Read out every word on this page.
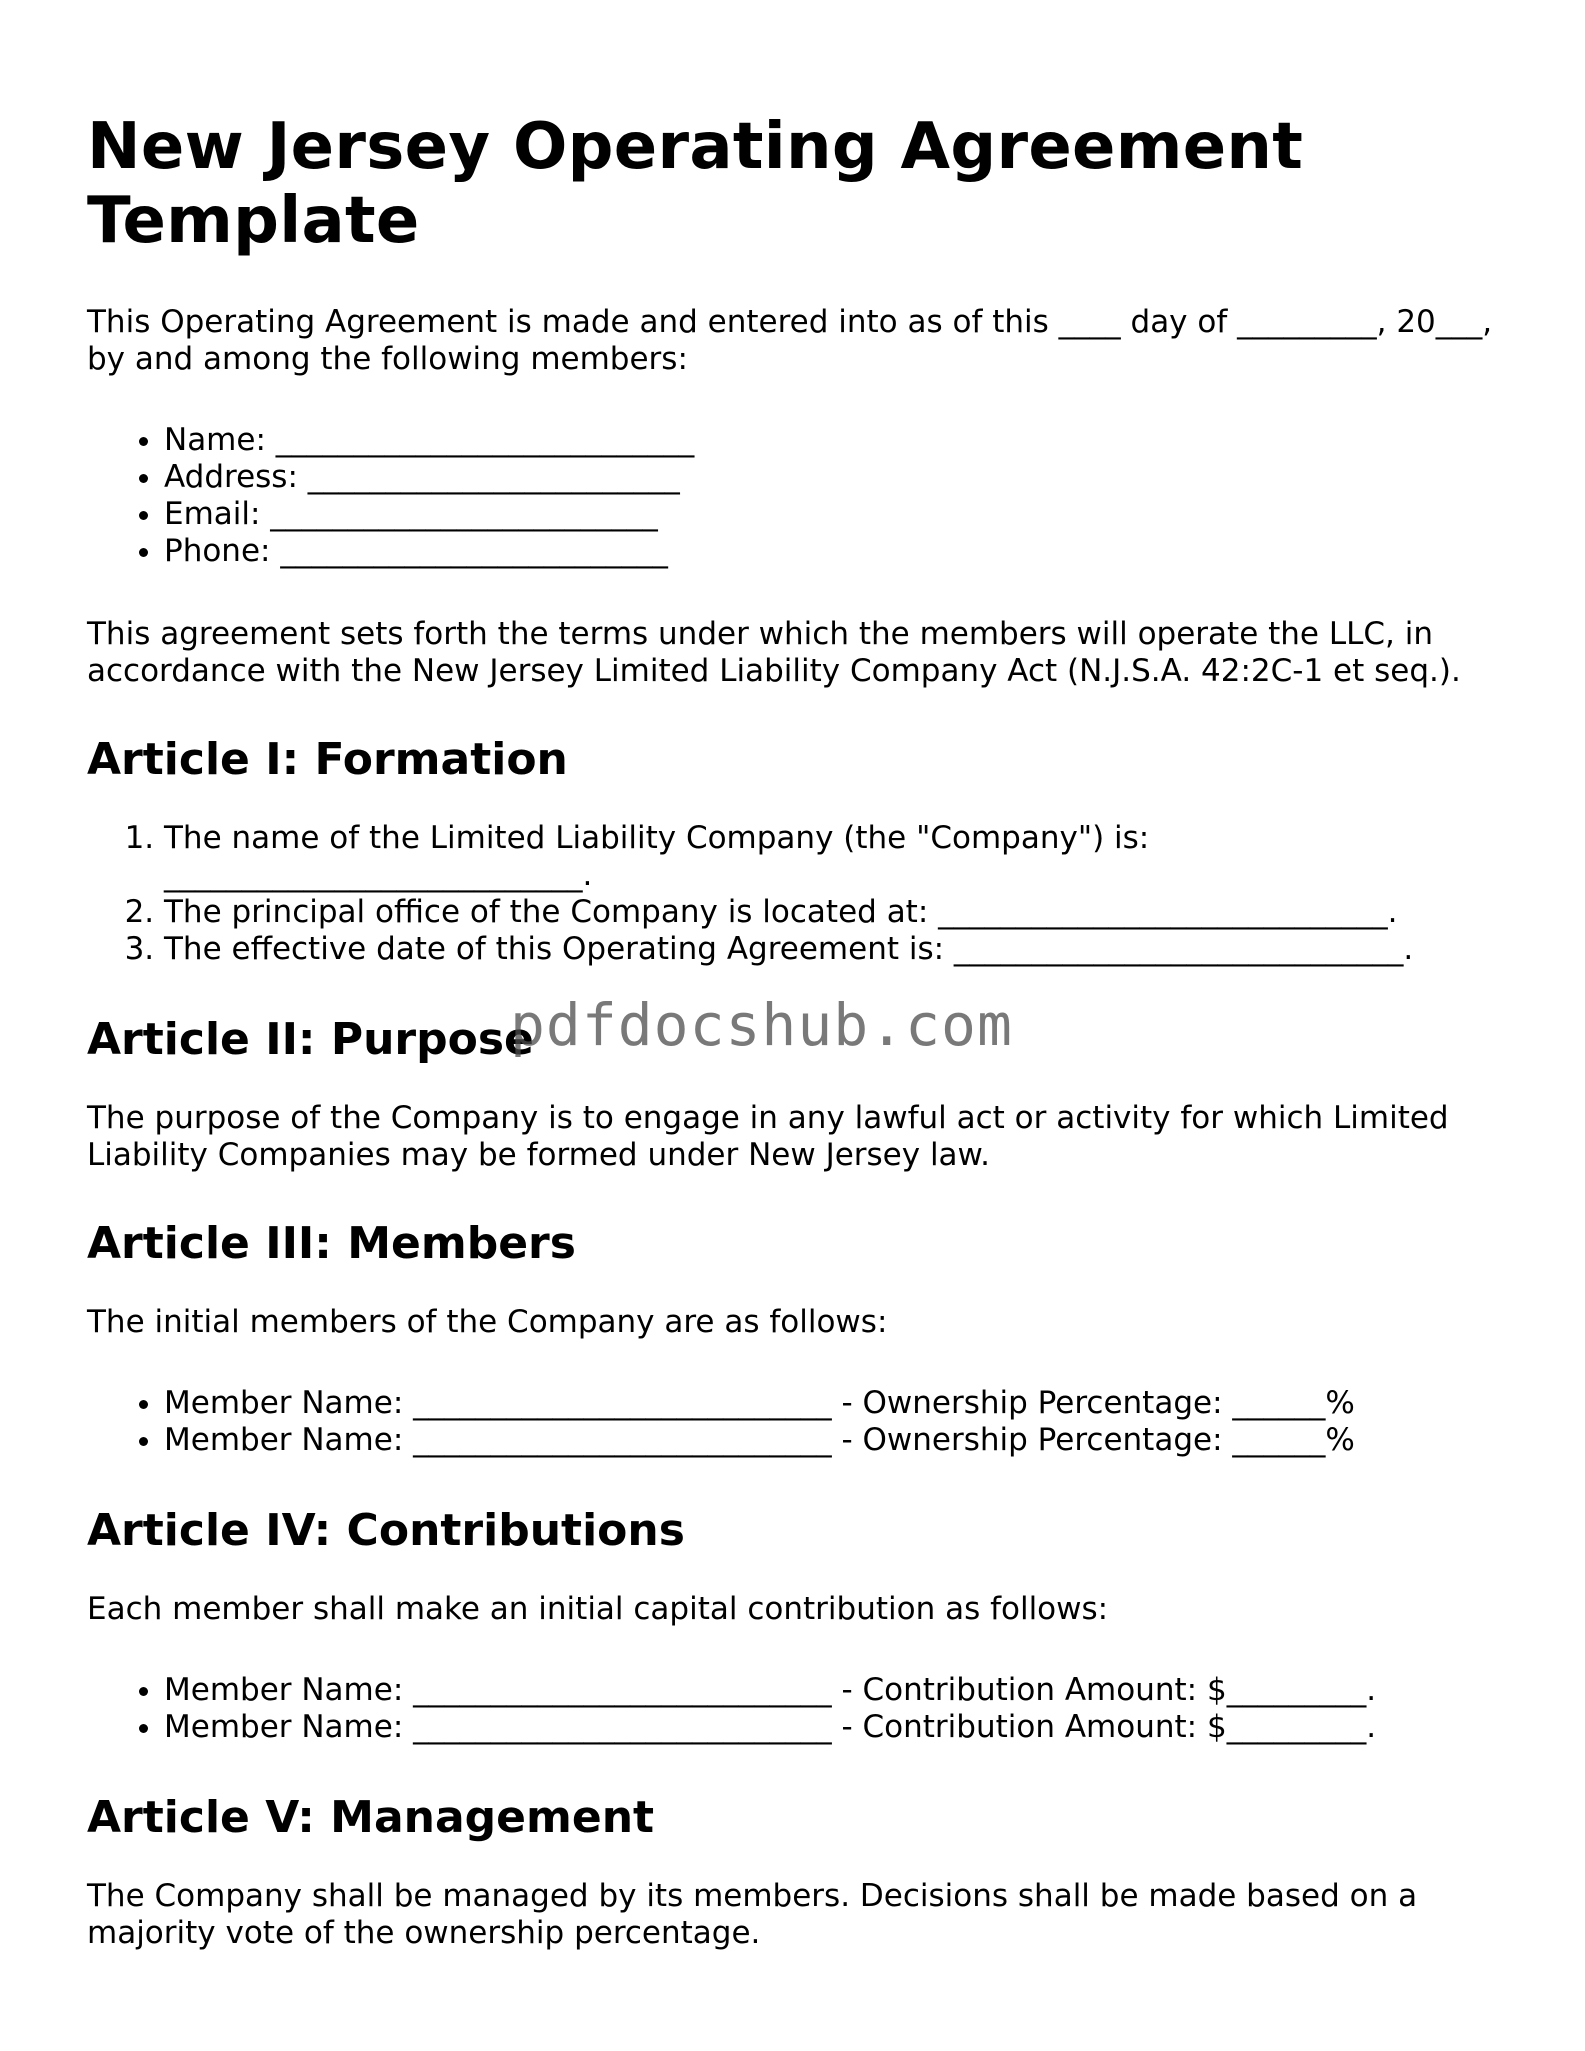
New Jersey Operating Agreement Template

This Operating Agreement is made and entered into as of this ____ day of _________, 20___, by and among the following members:

• Name: ___________________________
• Address: ________________________
• Email: _________________________
• Phone: _________________________

This agreement sets forth the terms under which the members will operate the LLC, in accordance with the New Jersey Limited Liability Company Act (N.J.S.A. 42:2C-1 et seq.).

Article I: Formation
1. The name of the Limited Liability Company (the "Company") is: ___________________________.
2. The principal office of the Company is located at: _____________________________.
3. The effective date of this Operating Agreement is: _____________________________.
Article II: Purpose

The purpose of the Company is to engage in any lawful act or activity for which Limited Liability Companies may be formed under New Jersey law.

Article III: Members

The initial members of the Company are as follows:

• Member Name: ___________________________ - Ownership Percentage: ______%
• Member Name: ___________________________ - Ownership Percentage: ______%
Article IV: Contributions

Each member shall make an initial capital contribution as follows:

• Member Name: ___________________________ - Contribution Amount: $_________.
• Member Name: ___________________________ - Contribution Amount: $_________.
Article V: Management

The Company shall be managed by its members. Decisions shall be made based on a majority vote of the ownership percentage.

pdfdocshub.com
